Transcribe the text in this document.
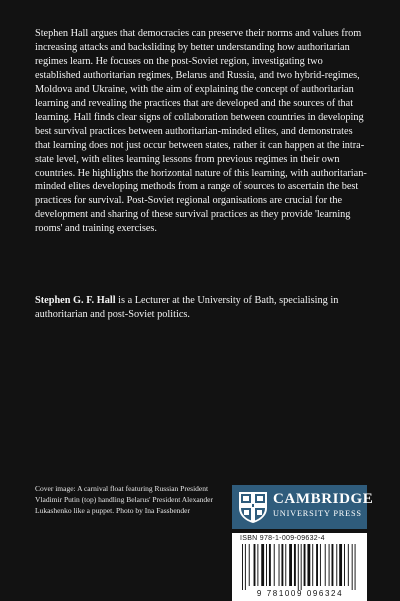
Stephen Hall argues that democracies can preserve their norms and values from increasing attacks and backsliding by better understanding how authoritarian regimes learn. He focuses on the post-Soviet region, investigating two established authoritarian regimes, Belarus and Russia, and two hybrid-regimes, Moldova and Ukraine, with the aim of explaining the concept of authoritarian learning and revealing the practices that are developed and the sources of that learning. Hall finds clear signs of collaboration between countries in developing best survival practices between authoritarian-minded elites, and demonstrates that learning does not just occur between states, rather it can happen at the intra-state level, with elites learning lessons from previous regimes in their own countries. He highlights the horizontal nature of this learning, with authoritarian-minded elites developing methods from a range of sources to ascertain the best practices for survival. Post-Soviet regional organisations are crucial for the development and sharing of these survival practices as they provide 'learning rooms' and training exercises.

Stephen G. F. Hall is a Lecturer at the University of Bath, specialising in authoritarian and post-Soviet politics.

Cover image: A carnival float featuring Russian President Vladimir Putin (top) handling Belarus' President Alexander Lukashenko like a puppet. Photo by Ina Fassbender

CAMBRIDGE
UNIVERSITY PRESS
ISBN 978-1-009-09632-4
9 781009 096324
